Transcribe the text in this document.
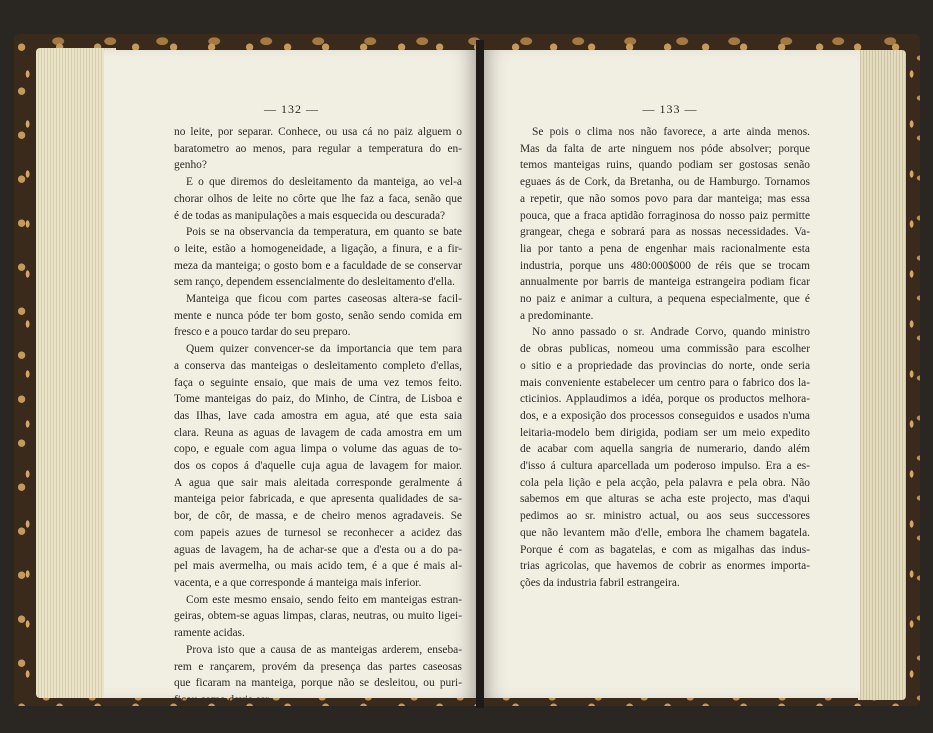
— 132 —
no leite, por separar. Conhece, ou usa cá no paiz alguem o
baratometro ao menos, para regular a temperatura do en-
genho?
E o que diremos do desleitamento da manteiga, ao vel-a
chorar olhos de leite no côrte que lhe faz a faca, senão que
é de todas as manipulações a mais esquecida ou descurada?
Pois se na observancia da temperatura, em quanto se bate
o leite, estão a homogeneidade, a ligação, a finura, e a fir-
meza da manteiga; o gosto bom e a faculdade de se conservar
sem ranço, dependem essencialmente do desleitamento d'ella.
Manteiga que ficou com partes caseosas altera-se facil-
mente e nunca póde ter bom gosto, senão sendo comida em
fresco e a pouco tardar do seu preparo.
Quem quizer convencer-se da importancia que tem para
a conserva das manteigas o desleitamento completo d'ellas,
faça o seguinte ensaio, que mais de uma vez temos feito.
Tome manteigas do paiz, do Minho, de Cintra, de Lisboa e
das Ilhas, lave cada amostra em agua, até que esta saia
clara. Reuna as aguas de lavagem de cada amostra em um
copo, e eguale com agua limpa o volume das aguas de to-
dos os copos á d'aquelle cuja agua de lavagem for maior.
A agua que sair mais aleitada corresponde geralmente á
manteiga peior fabricada, e que apresenta qualidades de sa-
bor, de côr, de massa, e de cheiro menos agradaveis. Se
com papeis azues de turnesol se reconhecer a acidez das
aguas de lavagem, ha de achar-se que a d'esta ou a do pa-
pel mais avermelha, ou mais acido tem, é a que é mais al-
vacenta, e a que corresponde á manteiga mais inferior.
Com este mesmo ensaio, sendo feito em manteigas estran-
geiras, obtem-se aguas limpas, claras, neutras, ou muito ligei-
ramente acidas.
Prova isto que a causa de as manteigas arderem, enseba-
rem e rançarem, provém da presença das partes caseosas
que ficaram na manteiga, porque não se desleitou, ou puri-
ficou como devia ser.
— 133 —
Se pois o clima nos não favorece, a arte ainda menos.
Mas da falta de arte ninguem nos póde absolver; porque
temos manteigas ruins, quando podiam ser gostosas senão
eguaes ás de Cork, da Bretanha, ou de Hamburgo. Tornamos
a repetir, que não somos povo para dar manteiga; mas essa
pouca, que a fraca aptidão forraginosa do nosso paiz permitte
grangear, chega e sobrará para as nossas necessidades. Va-
lia por tanto a pena de engenhar mais racionalmente esta
industria, porque uns 480:000$000 de réis que se trocam
annualmente por barris de manteiga estrangeira podiam ficar
no paiz e animar a cultura, a pequena especialmente, que é
a predominante.
No anno passado o sr. Andrade Corvo, quando ministro
de obras publicas, nomeou uma commissão para escolher
o sitio e a propriedade das provincias do norte, onde seria
mais conveniente estabelecer um centro para o fabrico dos la-
cticinios. Applaudimos a idéa, porque os productos melhora-
dos, e a exposição dos processos conseguidos e usados n'uma
leitaria-modelo bem dirigida, podiam ser um meio expedito
de acabar com aquella sangria de numerario, dando além
d'isso á cultura aparcellada um poderoso impulso. Era a es-
cola pela lição e pela acção, pela palavra e pela obra. Não
sabemos em que alturas se acha este projecto, mas d'aqui
pedimos ao sr. ministro actual, ou aos seus successores
que não levantem mão d'elle, embora lhe chamem bagatela.
Porque é com as bagatelas, e com as migalhas das indus-
trias agricolas, que havemos de cobrir as enormes importa-
ções da industria fabril estrangeira.
